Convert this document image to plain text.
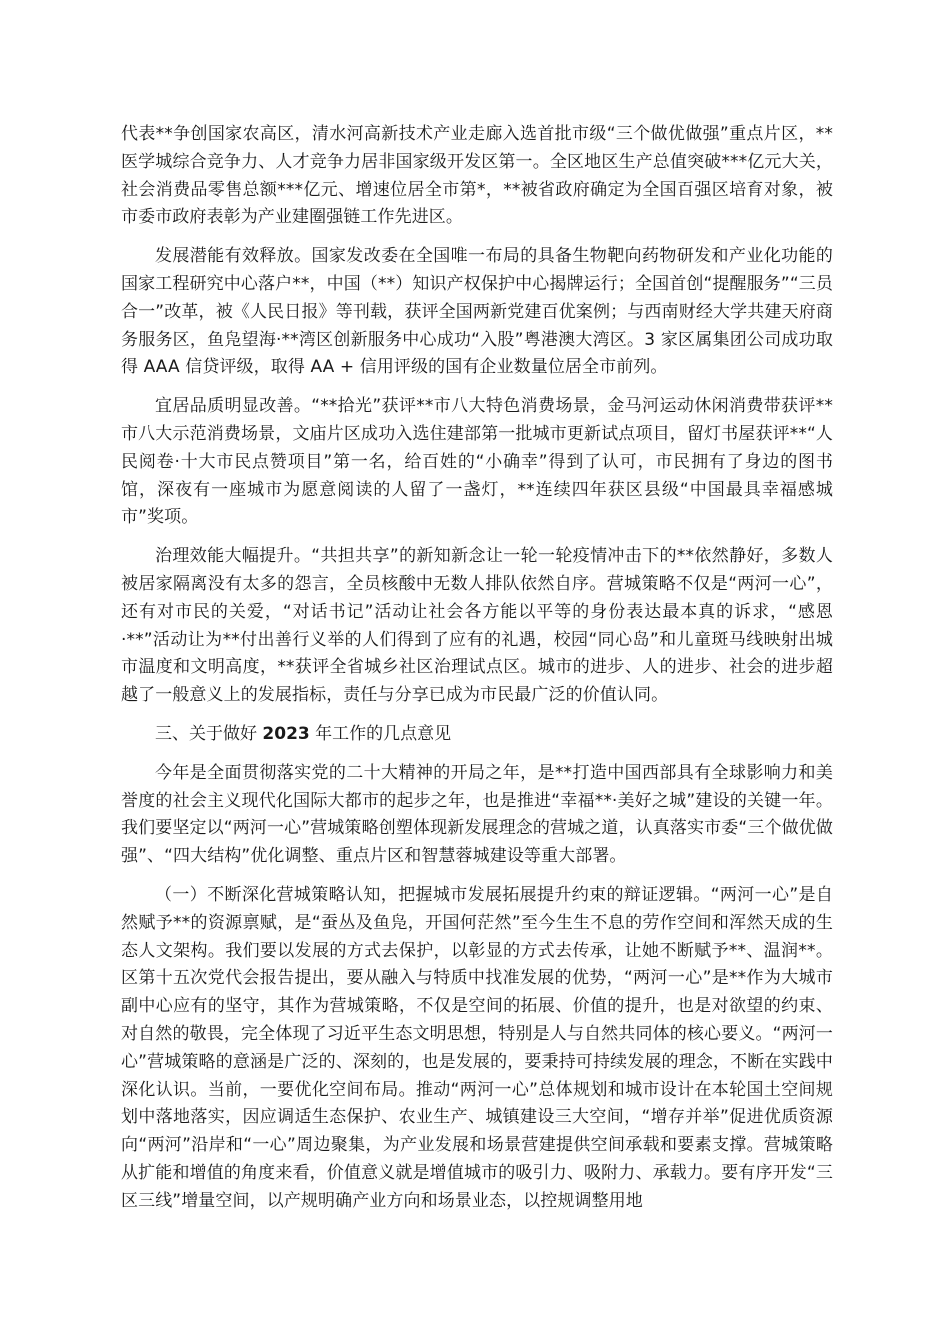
代表**争创国家农高区，清水河高新技术产业走廊入选首批市级“三个做优做强”重点片区，**医学城综合竞争力、人才竞争力居非国家级开发区第一。全区地区生产总值突破***亿元大关，社会消费品零售总额***亿元、增速位居全市第*，**被省政府确定为全国百强区培育对象，被市委市政府表彰为产业建圈强链工作先进区。

发展潜能有效释放。国家发改委在全国唯一布局的具备生物靶向药物研发和产业化功能的国家工程研究中心落户**，中国（**）知识产权保护中心揭牌运行；全国首创“提醒服务”“三员合一”改革，被《人民日报》等刊载，获评全国两新党建百优案例；与西南财经大学共建天府商务服务区，鱼凫望海·**湾区创新服务中心成功“入股”粤港澳大湾区。3 家区属集团公司成功取得 AAA 信贷评级，取得 AA + 信用评级的国有企业数量位居全市前列。

宜居品质明显改善。“**拾光”获评**市八大特色消费场景，金马河运动休闲消费带获评**市八大示范消费场景，文庙片区成功入选住建部第一批城市更新试点项目，留灯书屋获评**“人民阅卷·十大市民点赞项目”第一名，给百姓的“小确幸”得到了认可，市民拥有了身边的图书馆，深夜有一座城市为愿意阅读的人留了一盏灯，**连续四年获区县级“中国最具幸福感城市”奖项。

治理效能大幅提升。“共担共享”的新知新念让一轮一轮疫情冲击下的**依然静好，多数人被居家隔离没有太多的怨言，全员核酸中无数人排队依然自序。营城策略不仅是“两河一心”，还有对市民的关爱，“对话书记”活动让社会各方能以平等的身份表达最本真的诉求，“感恩·**”活动让为**付出善行义举的人们得到了应有的礼遇，校园“同心岛”和儿童斑马线映射出城市温度和文明高度，**获评全省城乡社区治理试点区。城市的进步、人的进步、社会的进步超越了一般意义上的发展指标，责任与分享已成为市民最广泛的价值认同。

三、关于做好 2023 年工作的几点意见

今年是全面贯彻落实党的二十大精神的开局之年，是**打造中国西部具有全球影响力和美誉度的社会主义现代化国际大都市的起步之年，也是推进“幸福**·美好之城”建设的关键一年。我们要坚定以“两河一心”营城策略创塑体现新发展理念的营城之道，认真落实市委“三个做优做强”、“四大结构”优化调整、重点片区和智慧蓉城建设等重大部署。

（一）不断深化营城策略认知，把握城市发展拓展提升约束的辩证逻辑。“两河一心”是自然赋予**的资源禀赋，是“蚕丛及鱼凫，开国何茫然”至今生生不息的劳作空间和浑然天成的生态人文架构。我们要以发展的方式去保护，以彰显的方式去传承，让她不断赋予**、温润**。区第十五次党代会报告提出，要从融入与特质中找准发展的优势，“两河一心”是**作为大城市副中心应有的坚守，其作为营城策略，不仅是空间的拓展、价值的提升，也是对欲望的约束、对自然的敬畏，完全体现了习近平生态文明思想，特别是人与自然共同体的核心要义。“两河一心”营城策略的意涵是广泛的、深刻的，也是发展的，要秉持可持续发展的理念，不断在实践中深化认识。当前，一要优化空间布局。推动“两河一心”总体规划和城市设计在本轮国土空间规划中落地落实，因应调适生态保护、农业生产、城镇建设三大空间，“增存并举”促进优质资源向“两河”沿岸和“一心”周边聚集，为产业发展和场景营建提供空间承载和要素支撑。营城策略从扩能和增值的角度来看，价值意义就是增值城市的吸引力、吸附力、承载力。要有序开发“三区三线”增量空间，以产规明确产业方向和场景业态，以控规调整用地
